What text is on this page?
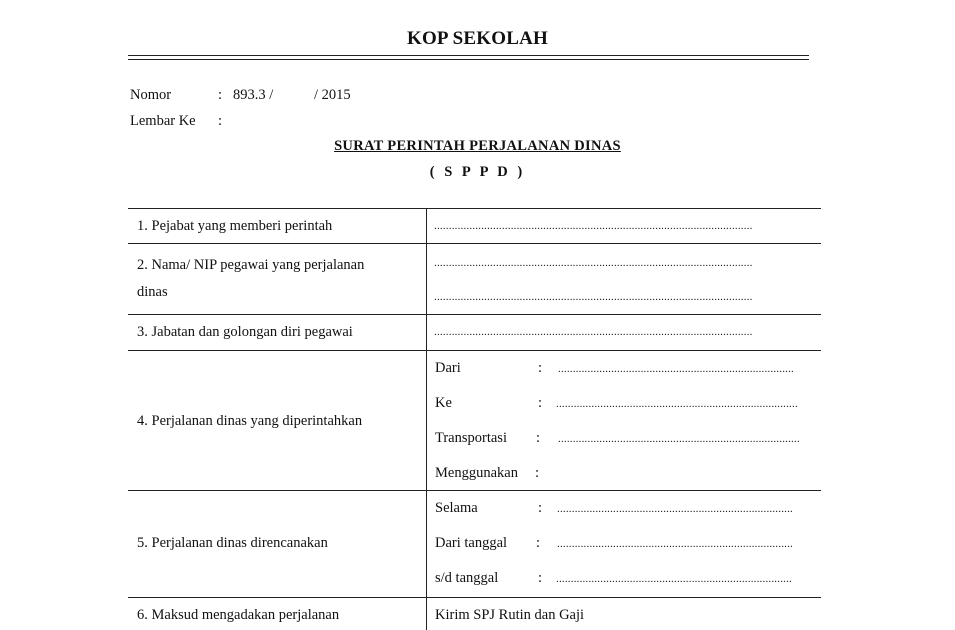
KOP SEKOLAH
Nomor	: 893.3 /	/ 2015
Lembar Ke :
SURAT PERINTAH PERJALANAN DINAS
( S P P D )
1. Pejabat yang memberi perintah	............................................................................................................
2. Nama/ NIP pegawai yang perjalanan
dinas
............................................................................................................
............................................................................................................
3. Jabatan dan golongan diri pegawai	............................................................................................................
4. Perjalanan dinas yang diperintahkan
Dari	: ................................................................................
Ke	: ..................................................................................
Transportasi : ..................................................................................
Menggunakan :
5. Perjalanan dinas direncanakan
Selama	: ................................................................................
Dari tanggal : ................................................................................
s/d tanggal	: ................................................................................
6. Maksud mengadakan perjalanan	Kirim SPJ Rutin dan Gaji
